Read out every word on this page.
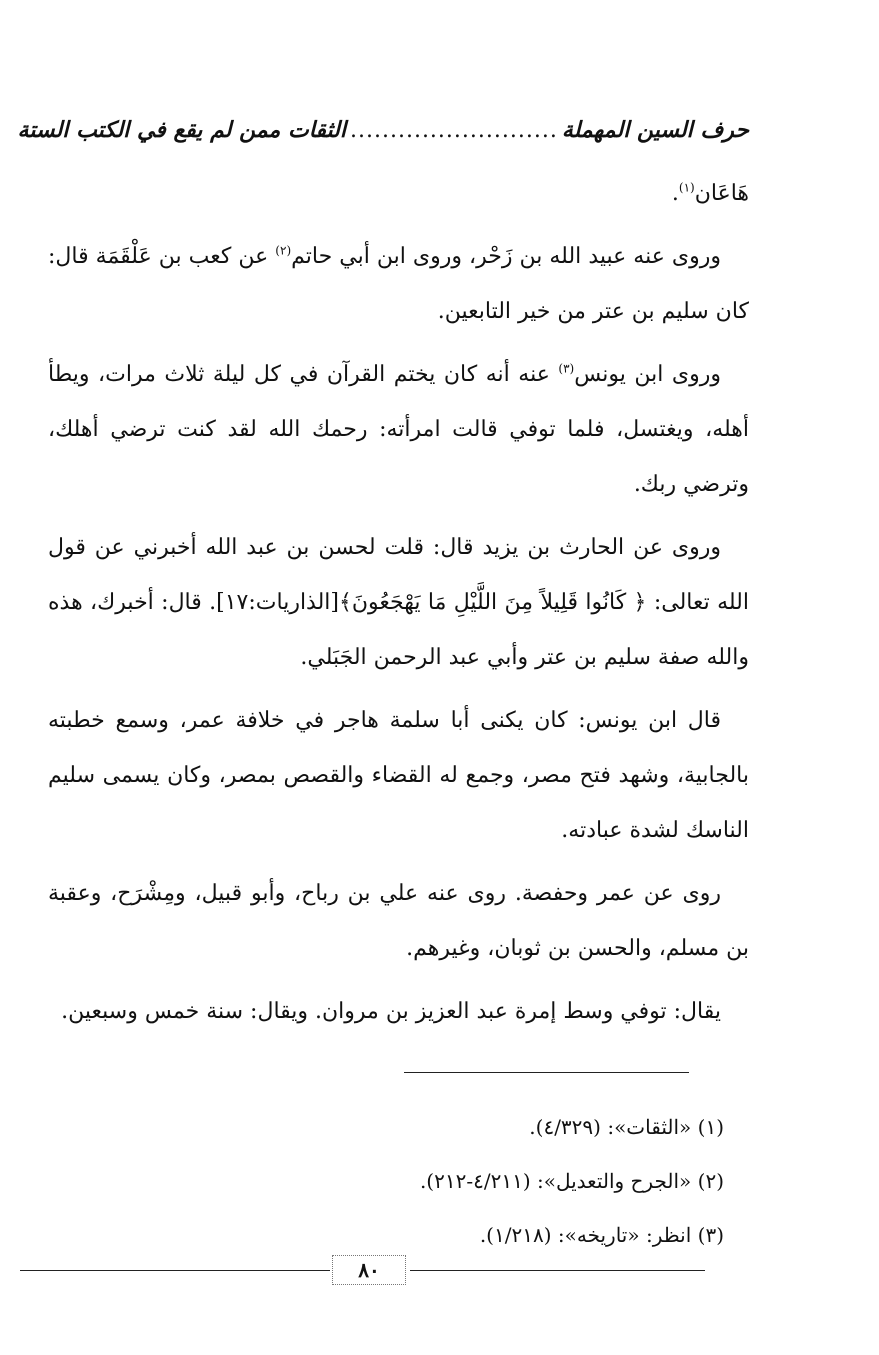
حرف السين المهملة
..........................
الثقات ممن لم يقع في الكتب الستة

هَاعَان$^{(١)}$.

وروى عنه عبيد الله بن زَحْر، وروى ابن أبي حاتم$^{(٢)}$ عن كعب بن عَلْقَمَة قال: كان سليم بن عتر من خير التابعين.

وروى ابن يونس$^{(٣)}$ عنه أنه كان يختم القرآن في كل ليلة ثلاث مرات، ويطأ أهله، ويغتسل، فلما توفي قالت امرأته: رحمك الله لقد كنت ترضي أهلك، وترضي ربك.

وروى عن الحارث بن يزيد قال: قلت لحسن بن عبد الله أخبرني عن قول الله تعالى: ﴿ كَانُوا قَلِيلاً مِنَ اللَّيْلِ مَا يَهْجَعُونَ﴾[الذاريات:١٧]. قال: أخبرك، هذه والله صفة سليم بن عتر وأبي عبد الرحمن الجَبَلي.

قال ابن يونس: كان يكنى أبا سلمة هاجر في خلافة عمر، وسمع خطبته بالجابية، وشهد فتح مصر، وجمع له القضاء والقصص بمصر، وكان يسمى سليم الناسك لشدة عبادته.

روى عن عمر وحفصة. روى عنه علي بن رباح، وأبو قبيل، ومِشْرَح، وعقبة بن مسلم، والحسن بن ثوبان، وغيرهم.

يقال: توفي وسط إمرة عبد العزيز بن مروان. ويقال: سنة خمس وسبعين.

(١) «الثقات»: (٤/٣٢٩).
(٢) «الجرح والتعديل»: (٤/٢١١-٢١٢).
(٣) انظر: «تاريخه»: (١/٢١٨).
٨٠
